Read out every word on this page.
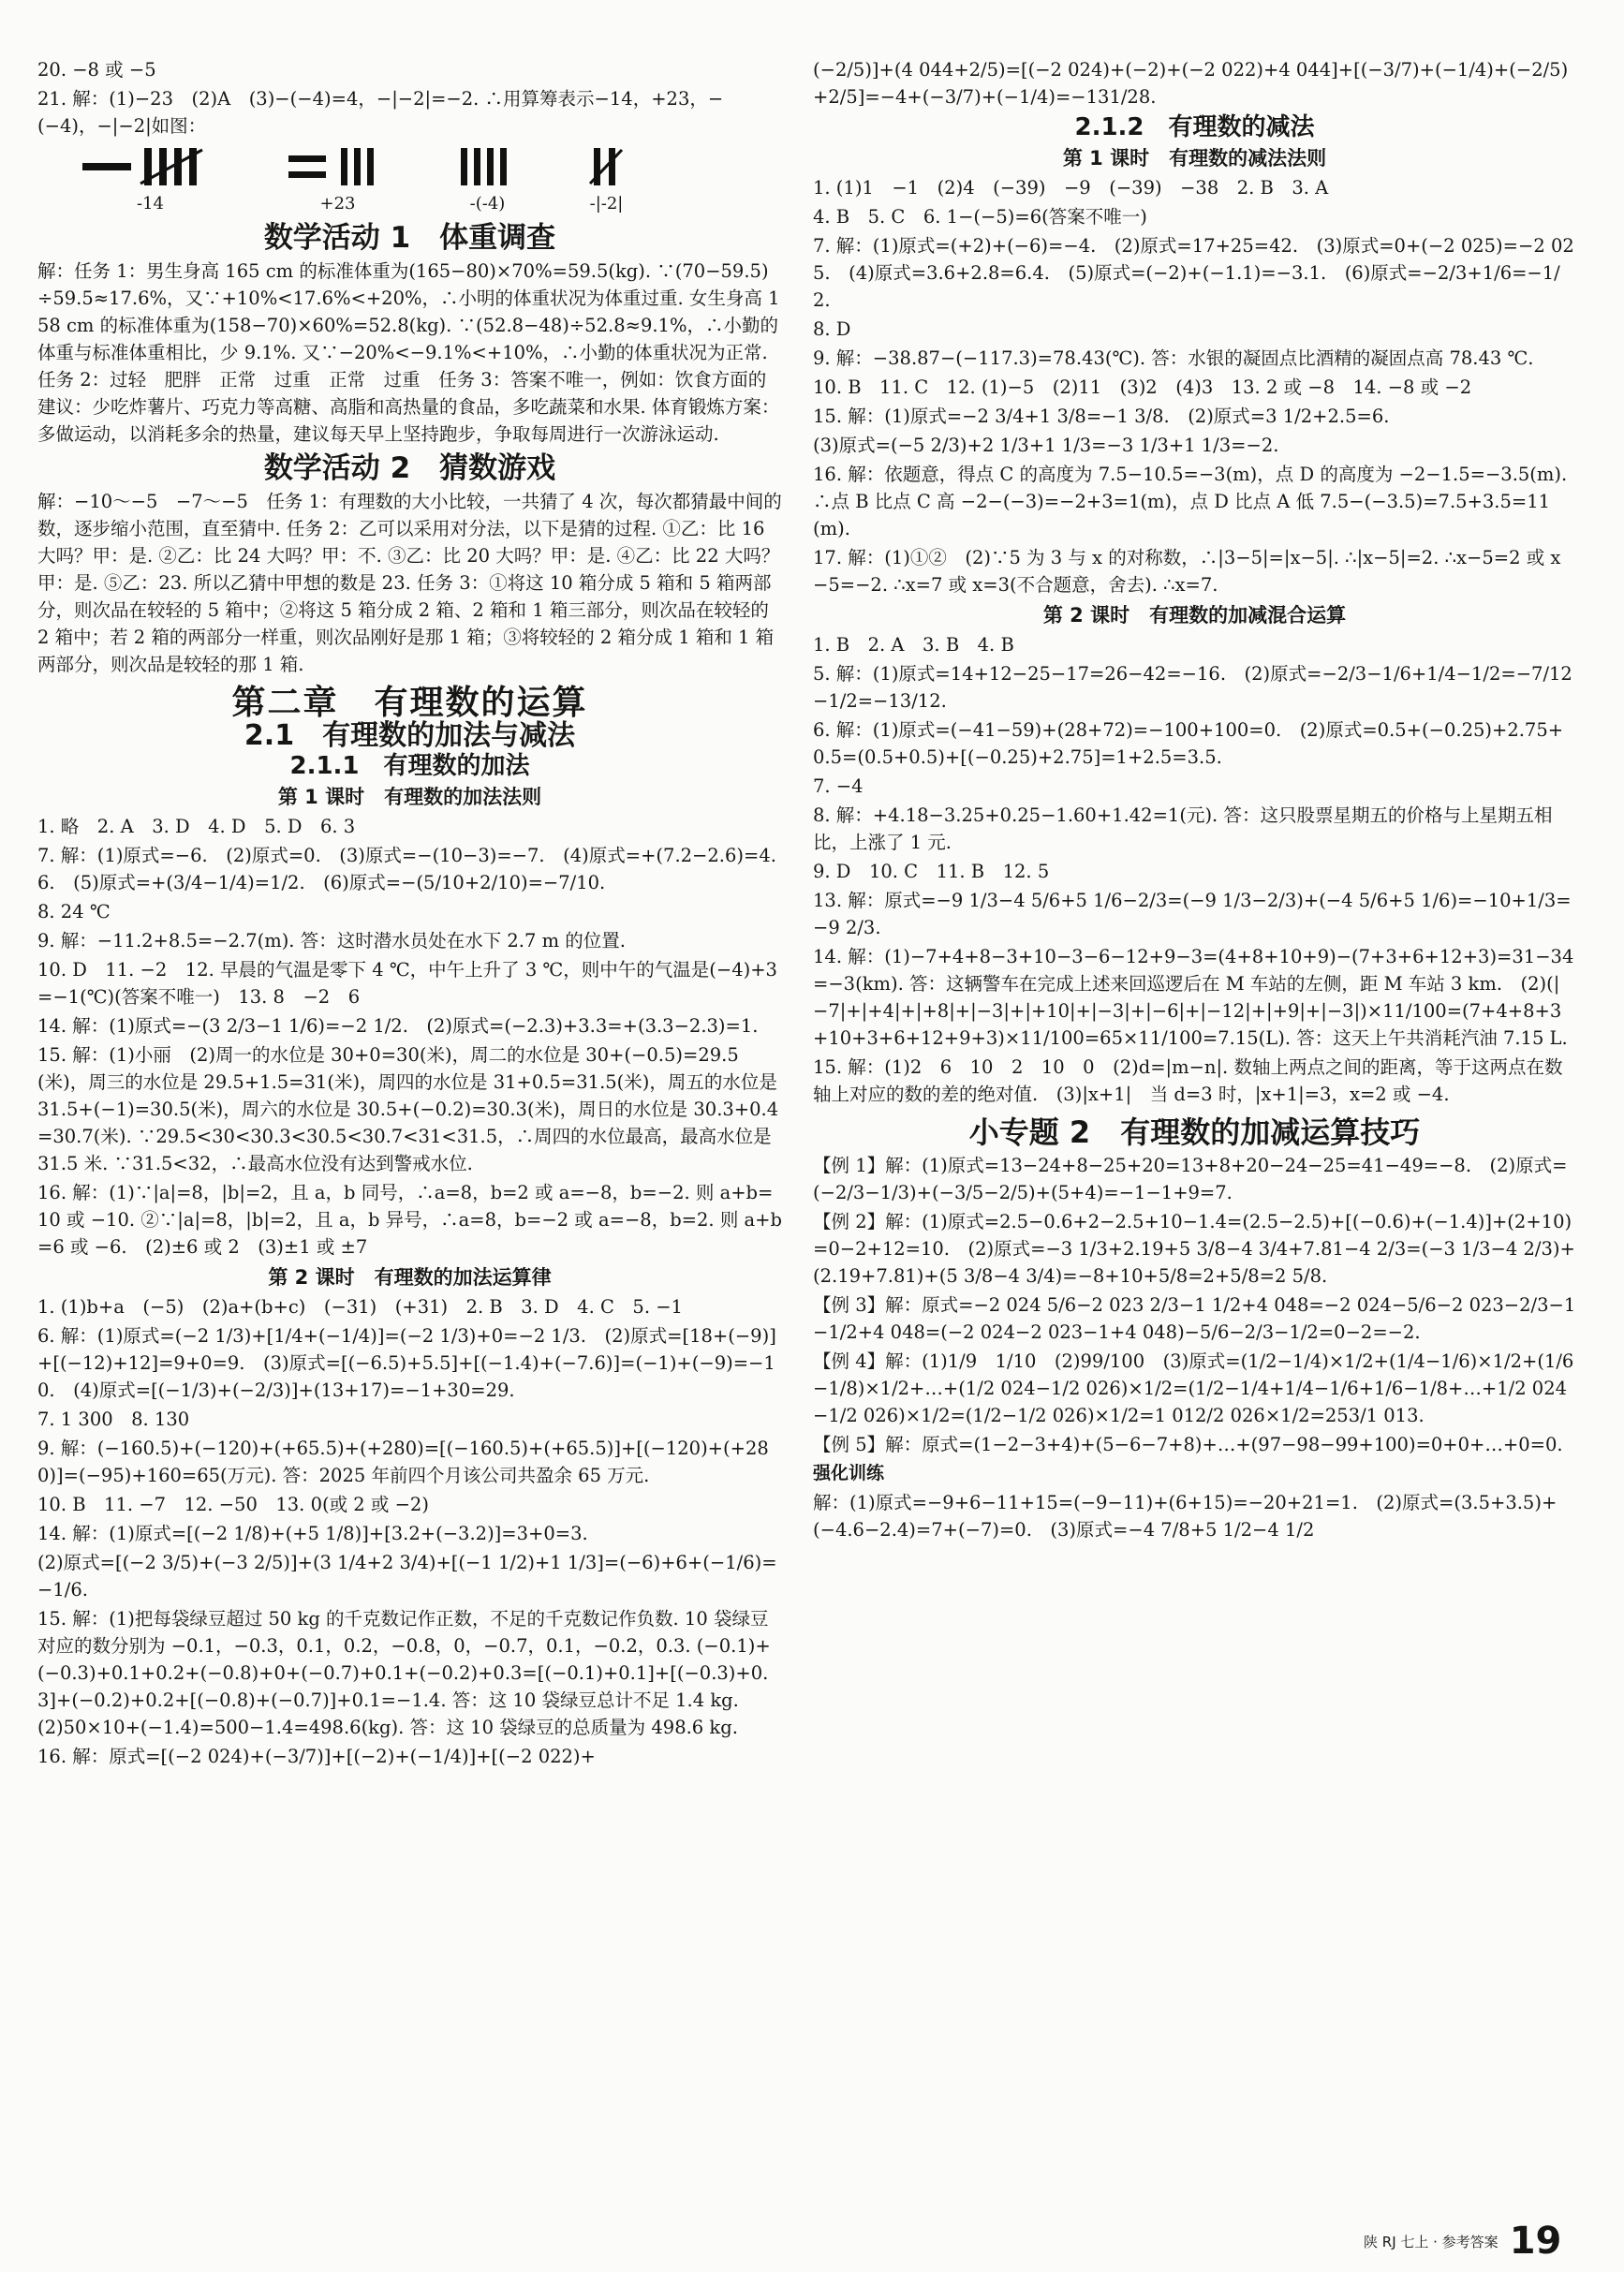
20. −8 或 −5

21. 解：(1)−23　(2)A　(3)−(−4)=4，−|−2|=−2. ∴用算筹表示−14，+23，−(−4)，−|−2|如图：

-14	+23	-(-4)	-|-2|
数学活动 1　体重调查

解：任务 1：男生身高 165 cm 的标准体重为(165−80)×70%=59.5(kg). ∵(70−59.5)÷59.5≈17.6%，又∵+10%<17.6%<+20%，∴小明的体重状况为体重过重. 女生身高 158 cm 的标准体重为(158−70)×60%=52.8(kg). ∵(52.8−48)÷52.8≈9.1%，∴小勤的体重与标准体重相比，少 9.1%. 又∵−20%<−9.1%<+10%，∴小勤的体重状况为正常. 任务 2：过轻　肥胖　正常　过重　正常　过重　任务 3：答案不唯一，例如：饮食方面的建议：少吃炸薯片、巧克力等高糖、高脂和高热量的食品，多吃蔬菜和水果. 体育锻炼方案：多做运动，以消耗多余的热量，建议每天早上坚持跑步，争取每周进行一次游泳运动.

数学活动 2　猜数游戏

解：−10～−5　−7～−5　任务 1：有理数的大小比较，一共猜了 4 次，每次都猜最中间的数，逐步缩小范围，直至猜中. 任务 2：乙可以采用对分法，以下是猜的过程. ①乙：比 16 大吗？甲：是. ②乙：比 24 大吗？甲：不. ③乙：比 20 大吗？甲：是. ④乙：比 22 大吗？甲：是. ⑤乙：23. 所以乙猜中甲想的数是 23. 任务 3：①将这 10 箱分成 5 箱和 5 箱两部分，则次品在较轻的 5 箱中；②将这 5 箱分成 2 箱、2 箱和 1 箱三部分，则次品在较轻的 2 箱中；若 2 箱的两部分一样重，则次品刚好是那 1 箱；③将较轻的 2 箱分成 1 箱和 1 箱两部分，则次品是较轻的那 1 箱.

第二章　有理数的运算
2.1　有理数的加法与减法
2.1.1　有理数的加法
第 1 课时　有理数的加法法则

1. 略　2. A　3. D　4. D　5. D　6. 3

7. 解：(1)原式=−6.　(2)原式=0.　(3)原式=−(10−3)=−7.　(4)原式=+(7.2−2.6)=4.6.　(5)原式=+(3/4−1/4)=1/2.　(6)原式=−(5/10+2/10)=−7/10.

8. 24 ℃

9. 解：−11.2+8.5=−2.7(m). 答：这时潜水员处在水下 2.7 m 的位置.

10. D　11. −2　12. 早晨的气温是零下 4 ℃，中午上升了 3 ℃，则中午的气温是(−4)+3=−1(℃)(答案不唯一)　13. 8　−2　6

14. 解：(1)原式=−(3 2/3−1 1/6)=−2 1/2.　(2)原式=(−2.3)+3.3=+(3.3−2.3)=1.

15. 解：(1)小丽　(2)周一的水位是 30+0=30(米)，周二的水位是 30+(−0.5)=29.5(米)，周三的水位是 29.5+1.5=31(米)，周四的水位是 31+0.5=31.5(米)，周五的水位是 31.5+(−1)=30.5(米)，周六的水位是 30.5+(−0.2)=30.3(米)，周日的水位是 30.3+0.4=30.7(米). ∵29.5<30<30.3<30.5<30.7<31<31.5，∴周四的水位最高，最高水位是 31.5 米. ∵31.5<32，∴最高水位没有达到警戒水位.

16. 解：(1)∵|a|=8，|b|=2，且 a，b 同号，∴a=8，b=2 或 a=−8，b=−2. 则 a+b=10 或 −10. ②∵|a|=8，|b|=2，且 a，b 异号，∴a=8，b=−2 或 a=−8，b=2. 则 a+b=6 或 −6.　(2)±6 或 2　(3)±1 或 ±7

第 2 课时　有理数的加法运算律

1. (1)b+a　(−5)　(2)a+(b+c)　(−31)　(+31)　2. B　3. D　4. C　5. −1

6. 解：(1)原式=(−2 1/3)+[1/4+(−1/4)]=(−2 1/3)+0=−2 1/3.　(2)原式=[18+(−9)]+[(−12)+12]=9+0=9.　(3)原式=[(−6.5)+5.5]+[(−1.4)+(−7.6)]=(−1)+(−9)=−10.　(4)原式=[(−1/3)+(−2/3)]+(13+17)=−1+30=29.

7. 1 300　8. 130

9. 解：(−160.5)+(−120)+(+65.5)+(+280)=[(−160.5)+(+65.5)]+[(−120)+(+280)]=(−95)+160=65(万元). 答：2025 年前四个月该公司共盈余 65 万元.

10. B　11. −7　12. −50　13. 0(或 2 或 −2)

14. 解：(1)原式=[(−2 1/8)+(+5 1/8)]+[3.2+(−3.2)]=3+0=3.

(2)原式=[(−2 3/5)+(−3 2/5)]+(3 1/4+2 3/4)+[(−1 1/2)+1 1/3]=(−6)+6+(−1/6)=−1/6.

15. 解：(1)把每袋绿豆超过 50 kg 的千克数记作正数，不足的千克数记作负数. 10 袋绿豆对应的数分别为 −0.1，−0.3，0.1，0.2，−0.8，0，−0.7，0.1，−0.2，0.3. (−0.1)+(−0.3)+0.1+0.2+(−0.8)+0+(−0.7)+0.1+(−0.2)+0.3=[(−0.1)+0.1]+[(−0.3)+0.3]+(−0.2)+0.2+[(−0.8)+(−0.7)]+0.1=−1.4. 答：这 10 袋绿豆总计不足 1.4 kg.　(2)50×10+(−1.4)=500−1.4=498.6(kg). 答：这 10 袋绿豆的总质量为 498.6 kg.

16. 解：原式=[(−2 024)+(−3/7)]+[(−2)+(−1/4)]+[(−2 022)+

(−2/5)]+(4 044+2/5)=[(−2 024)+(−2)+(−2 022)+4 044]+[(−3/7)+(−1/4)+(−2/5)+2/5]=−4+(−3/7)+(−1/4)=−131/28.

2.1.2　有理数的减法
第 1 课时　有理数的减法法则

1. (1)1　−1　(2)4　(−39)　−9　(−39)　−38　2. B　3. A

4. B　5. C　6. 1−(−5)=6(答案不唯一)

7. 解：(1)原式=(+2)+(−6)=−4.　(2)原式=17+25=42.　(3)原式=0+(−2 025)=−2 025.　(4)原式=3.6+2.8=6.4.　(5)原式=(−2)+(−1.1)=−3.1.　(6)原式=−2/3+1/6=−1/2.

8. D

9. 解：−38.87−(−117.3)=78.43(℃). 答：水银的凝固点比酒精的凝固点高 78.43 ℃.

10. B　11. C　12. (1)−5　(2)11　(3)2　(4)3　13. 2 或 −8　14. −8 或 −2

15. 解：(1)原式=−2 3/4+1 3/8=−1 3/8.　(2)原式=3 1/2+2.5=6.

(3)原式=(−5 2/3)+2 1/3+1 1/3=−3 1/3+1 1/3=−2.

16. 解：依题意，得点 C 的高度为 7.5−10.5=−3(m)，点 D 的高度为 −2−1.5=−3.5(m). ∴点 B 比点 C 高 −2−(−3)=−2+3=1(m)，点 D 比点 A 低 7.5−(−3.5)=7.5+3.5=11(m).

17. 解：(1)①②　(2)∵5 为 3 与 x 的对称数，∴|3−5|=|x−5|. ∴|x−5|=2. ∴x−5=2 或 x−5=−2. ∴x=7 或 x=3(不合题意，舍去). ∴x=7.

第 2 课时　有理数的加减混合运算

1. B　2. A　3. B　4. B

5. 解：(1)原式=14+12−25−17=26−42=−16.　(2)原式=−2/3−1/6+1/4−1/2=−7/12−1/2=−13/12.

6. 解：(1)原式=(−41−59)+(28+72)=−100+100=0.　(2)原式=0.5+(−0.25)+2.75+0.5=(0.5+0.5)+[(−0.25)+2.75]=1+2.5=3.5.

7. −4

8. 解：+4.18−3.25+0.25−1.60+1.42=1(元). 答：这只股票星期五的价格与上星期五相比，上涨了 1 元.

9. D　10. C　11. B　12. 5

13. 解：原式=−9 1/3−4 5/6+5 1/6−2/3=(−9 1/3−2/3)+(−4 5/6+5 1/6)=−10+1/3=−9 2/3.

14. 解：(1)−7+4+8−3+10−3−6−12+9−3=(4+8+10+9)−(7+3+6+12+3)=31−34=−3(km). 答：这辆警车在完成上述来回巡逻后在 M 车站的左侧，距 M 车站 3 km.　(2)(|−7|+|+4|+|+8|+|−3|+|+10|+|−3|+|−6|+|−12|+|+9|+|−3|)×11/100=(7+4+8+3+10+3+6+12+9+3)×11/100=65×11/100=7.15(L). 答：这天上午共消耗汽油 7.15 L.

15. 解：(1)2　6　10　2　10　0　(2)d=|m−n|. 数轴上两点之间的距离，等于这两点在数轴上对应的数的差的绝对值.　(3)|x+1|　当 d=3 时，|x+1|=3，x=2 或 −4.

小专题 2　有理数的加减运算技巧

【例 1】解：(1)原式=13−24+8−25+20=13+8+20−24−25=41−49=−8.　(2)原式=(−2/3−1/3)+(−3/5−2/5)+(5+4)=−1−1+9=7.

【例 2】解：(1)原式=2.5−0.6+2−2.5+10−1.4=(2.5−2.5)+[(−0.6)+(−1.4)]+(2+10)=0−2+12=10.　(2)原式=−3 1/3+2.19+5 3/8−4 3/4+7.81−4 2/3=(−3 1/3−4 2/3)+(2.19+7.81)+(5 3/8−4 3/4)=−8+10+5/8=2+5/8=2 5/8.

【例 3】解：原式=−2 024 5/6−2 023 2/3−1 1/2+4 048=−2 024−5/6−2 023−2/3−1−1/2+4 048=(−2 024−2 023−1+4 048)−5/6−2/3−1/2=0−2=−2.

【例 4】解：(1)1/9　1/10　(2)99/100　(3)原式=(1/2−1/4)×1/2+(1/4−1/6)×1/2+(1/6−1/8)×1/2+…+(1/2 024−1/2 026)×1/2=(1/2−1/4+1/4−1/6+1/6−1/8+…+1/2 024−1/2 026)×1/2=(1/2−1/2 026)×1/2=1 012/2 026×1/2=253/1 013.

【例 5】解：原式=(1−2−3+4)+(5−6−7+8)+…+(97−98−99+100)=0+0+…+0=0.

强化训练

解：(1)原式=−9+6−11+15=(−9−11)+(6+15)=−20+21=1.　(2)原式=(3.5+3.5)+(−4.6−2.4)=7+(−7)=0.　(3)原式=−4 7/8+5 1/2−4 1/2

陕 RJ 七上 · 参考答案 19
